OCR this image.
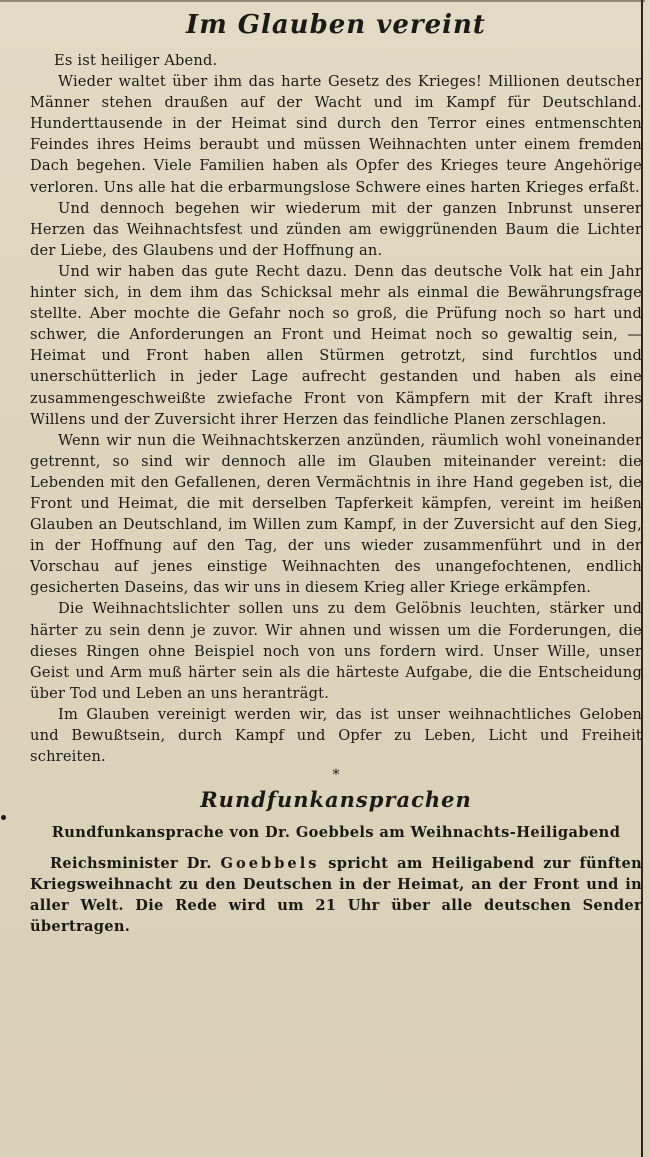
Im Glauben vereint

Es ist heiliger Abend.

Wieder waltet über ihm das harte Gesetz des Krieges! Millionen deutscher Männer stehen draußen auf der Wacht und im Kampf für Deutschland. Hunderttausende in der Heimat sind durch den Terror eines entmenschten Feindes ihres Heims beraubt und müssen Weihnachten unter einem fremden Dach begehen. Viele Familien haben als Opfer des Krieges teure Angehörige verloren. Uns alle hat die erbarmungslose Schwere eines harten Krieges erfaßt.

Und dennoch begehen wir wiederum mit der ganzen Inbrunst unserer Herzen das Weihnachtsfest und zünden am ewiggrünenden Baum die Lichter der Liebe, des Glaubens und der Hoffnung an.

Und wir haben das gute Recht dazu. Denn das deutsche Volk hat ein Jahr hinter sich, in dem ihm das Schicksal mehr als einmal die Bewährungsfrage stellte. Aber mochte die Gefahr noch so groß, die Prüfung noch so hart und schwer, die Anforderungen an Front und Heimat noch so gewaltig sein, — Heimat und Front haben allen Stürmen getrotzt, sind furchtlos und unerschütterlich in jeder Lage aufrecht gestanden und haben als eine zusammengeschweißte zwiefache Front von Kämpfern mit der Kraft ihres Willens und der Zuversicht ihrer Herzen das feindliche Planen zerschlagen.

Wenn wir nun die Weihnachtskerzen anzünden, räumlich wohl voneinander getrennt, so sind wir dennoch alle im Glauben miteinander vereint: die Lebenden mit den Gefallenen, deren Vermächtnis in ihre Hand gegeben ist, die Front und Heimat, die mit derselben Tapferkeit kämpfen, vereint im heißen Glauben an Deutschland, im Willen zum Kampf, in der Zuversicht auf den Sieg, in der Hoffnung auf den Tag, der uns wieder zusammenführt und in der Vorschau auf jenes einstige Weihnachten des unangefochtenen, endlich gesicherten Daseins, das wir uns in diesem Krieg aller Kriege erkämpfen.

Die Weihnachtslichter sollen uns zu dem Gelöbnis leuchten, stärker und härter zu sein denn je zuvor. Wir ahnen und wissen um die Forderungen, die dieses Ringen ohne Beispiel noch von uns fordern wird. Unser Wille, unser Geist und Arm muß härter sein als die härteste Aufgabe, die die Entscheidung über Tod und Leben an uns heranträgt.

Im Glauben vereinigt werden wir, das ist unser weihnachtliches Geloben und Bewußtsein, durch Kampf und Opfer zu Leben, Licht und Freiheit schreiten.

*
Rundfunkansprachen
Rundfunkansprache von Dr. Goebbels am Weihnachts-Heiligabend

Reichsminister Dr. Goebbels spricht am Heiligabend zur fünften Kriegsweihnacht zu den Deutschen in der Heimat, an der Front und in aller Welt. Die Rede wird um 21 Uhr über alle deutschen Sender übertragen.
